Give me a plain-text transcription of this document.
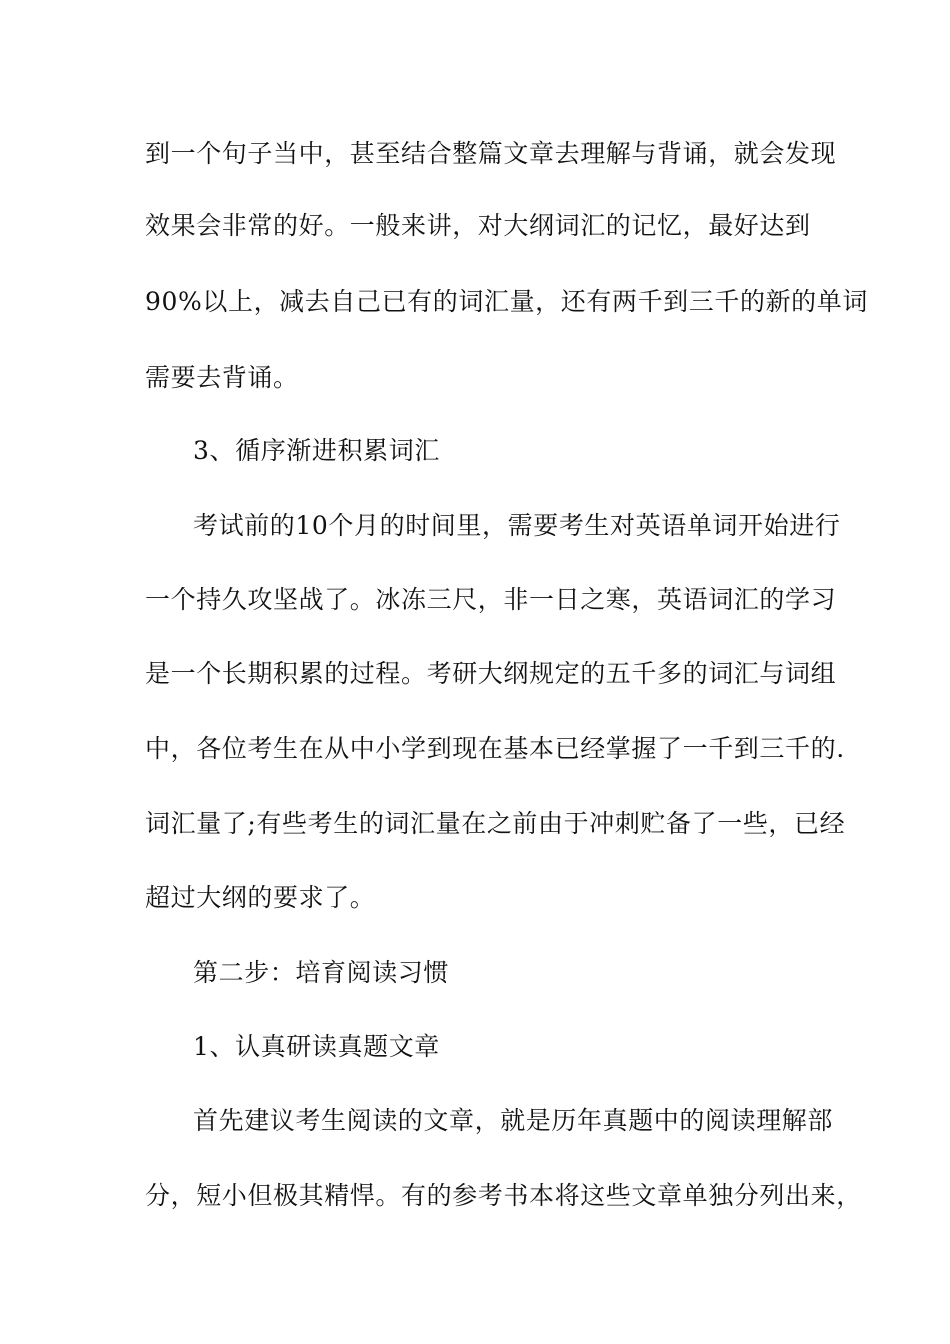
到一个句子当中，甚至结合整篇文章去理解与背诵，就会发现
效果会非常的好。一般来讲，对大纲词汇的记忆，最好达到
90%以上，减去自己已有的词汇量，还有两千到三千的新的单词
需要去背诵。
3、循序渐进积累词汇
考试前的10个月的时间里，需要考生对英语单词开始进行
一个持久攻坚战了。冰冻三尺，非一日之寒，英语词汇的学习
是一个长期积累的过程。考研大纲规定的五千多的词汇与词组
中，各位考生在从中小学到现在基本已经掌握了一千到三千的.
词汇量了;有些考生的词汇量在之前由于冲刺贮备了一些，已经
超过大纲的要求了。
第二步：培育阅读习惯
1、认真研读真题文章
首先建议考生阅读的文章，就是历年真题中的阅读理解部
分，短小但极其精悍。有的参考书本将这些文章单独分列出来，
